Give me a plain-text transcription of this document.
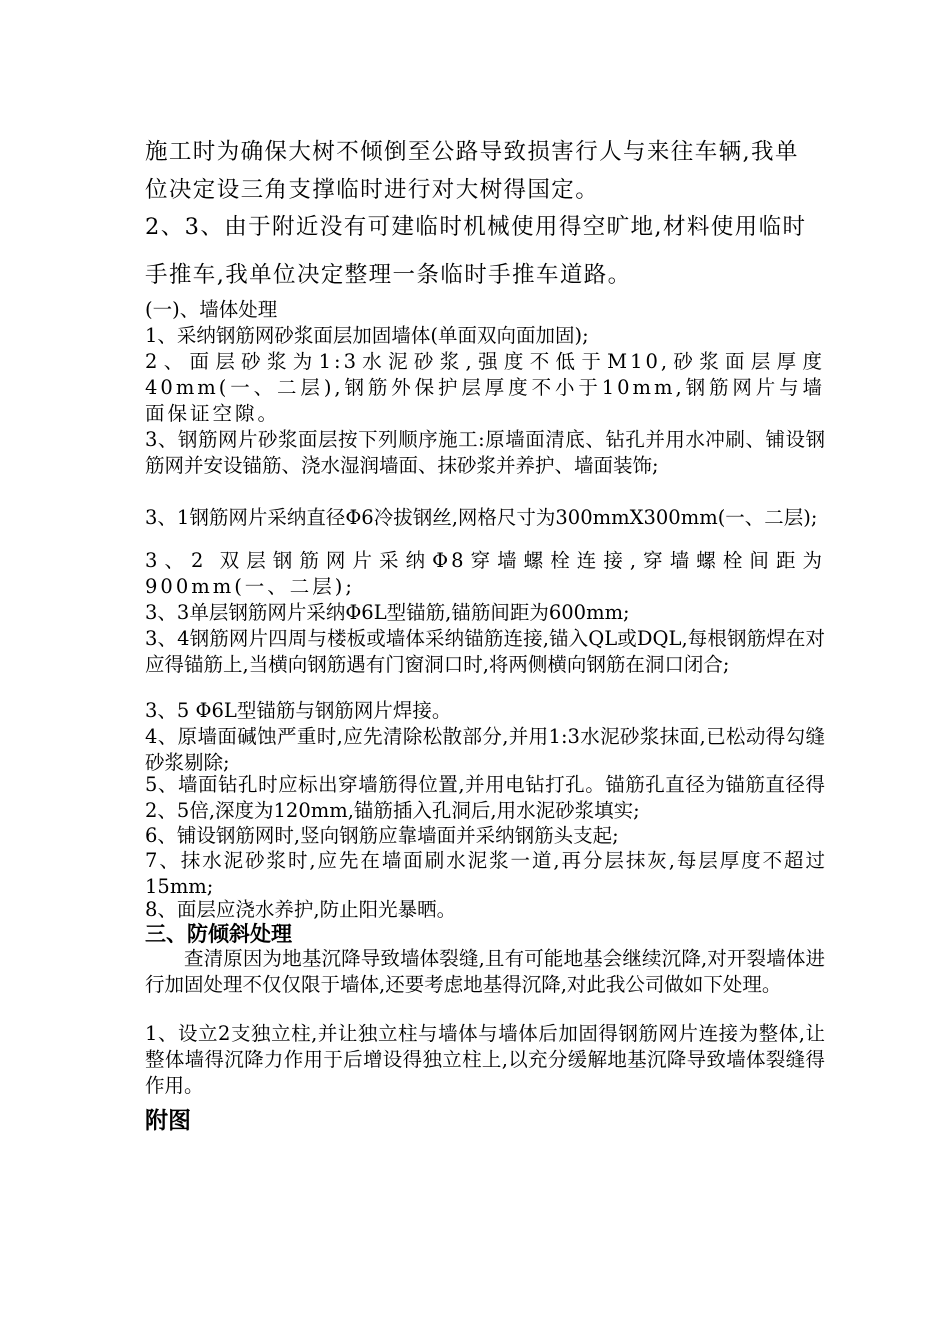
施工时为确保大树不倾倒至公路导致损害行人与来往车辆,我单

位决定设三角支撑临时进行对大树得国定。

2、3、由于附近没有可建临时机械使用得空旷地,材料使用临时

手推车,我单位决定整理一条临时手推车道路。

(一)、墙体处理

1、采纳钢筋网砂浆面层加固墙体(单面双向面加固);

2、面层砂浆为1:3水泥砂浆,强度不低于M10,砂浆面层厚度40mm(一、二层),钢筋外保护层厚度不小于10mm,钢筋网片与墙面保证空隙。

3、钢筋网片砂浆面层按下列顺序施工:原墙面清底、钻孔并用水冲刷、铺设钢筋网并安设锚筋、浇水湿润墙面、抹砂浆并养护、墙面装饰;

3、1钢筋网片采纳直径Φ6冷拔钢丝,网格尺寸为300mmX300mm(一、二层);

3、2 双层钢筋网片采纳Φ8穿墙螺栓连接,穿墙螺栓间距为900mm(一、二层);

3、3单层钢筋网片采纳Φ6L型锚筋,锚筋间距为600mm;

3、4钢筋网片四周与楼板或墙体采纳锚筋连接,锚入QL或DQL,每根钢筋焊在对应得锚筋上,当横向钢筋遇有门窗洞口时,将两侧横向钢筋在洞口闭合;

3、5 Φ6L型锚筋与钢筋网片焊接。

4、原墙面碱蚀严重时,应先清除松散部分,并用1:3水泥砂浆抹面,已松动得勾缝砂浆剔除;

5、墙面钻孔时应标出穿墙筋得位置,并用电钻打孔。锚筋孔直径为锚筋直径得2、5倍,深度为120mm,锚筋插入孔洞后,用水泥砂浆填实;

6、铺设钢筋网时,竖向钢筋应靠墙面并采纳钢筋头支起;

7、抹水泥砂浆时,应先在墙面刷水泥浆一道,再分层抹灰,每层厚度不超过15mm;

8、面层应浇水养护,防止阳光暴晒。

三、防倾斜处理

查清原因为地基沉降导致墙体裂缝,且有可能地基会继续沉降,对开裂墙体进行加固处理不仅仅限于墙体,还要考虑地基得沉降,对此我公司做如下处理。

1、设立2支独立柱,并让独立柱与墙体与墙体后加固得钢筋网片连接为整体,让整体墙得沉降力作用于后增设得独立柱上,以充分缓解地基沉降导致墙体裂缝得作用。

附图
